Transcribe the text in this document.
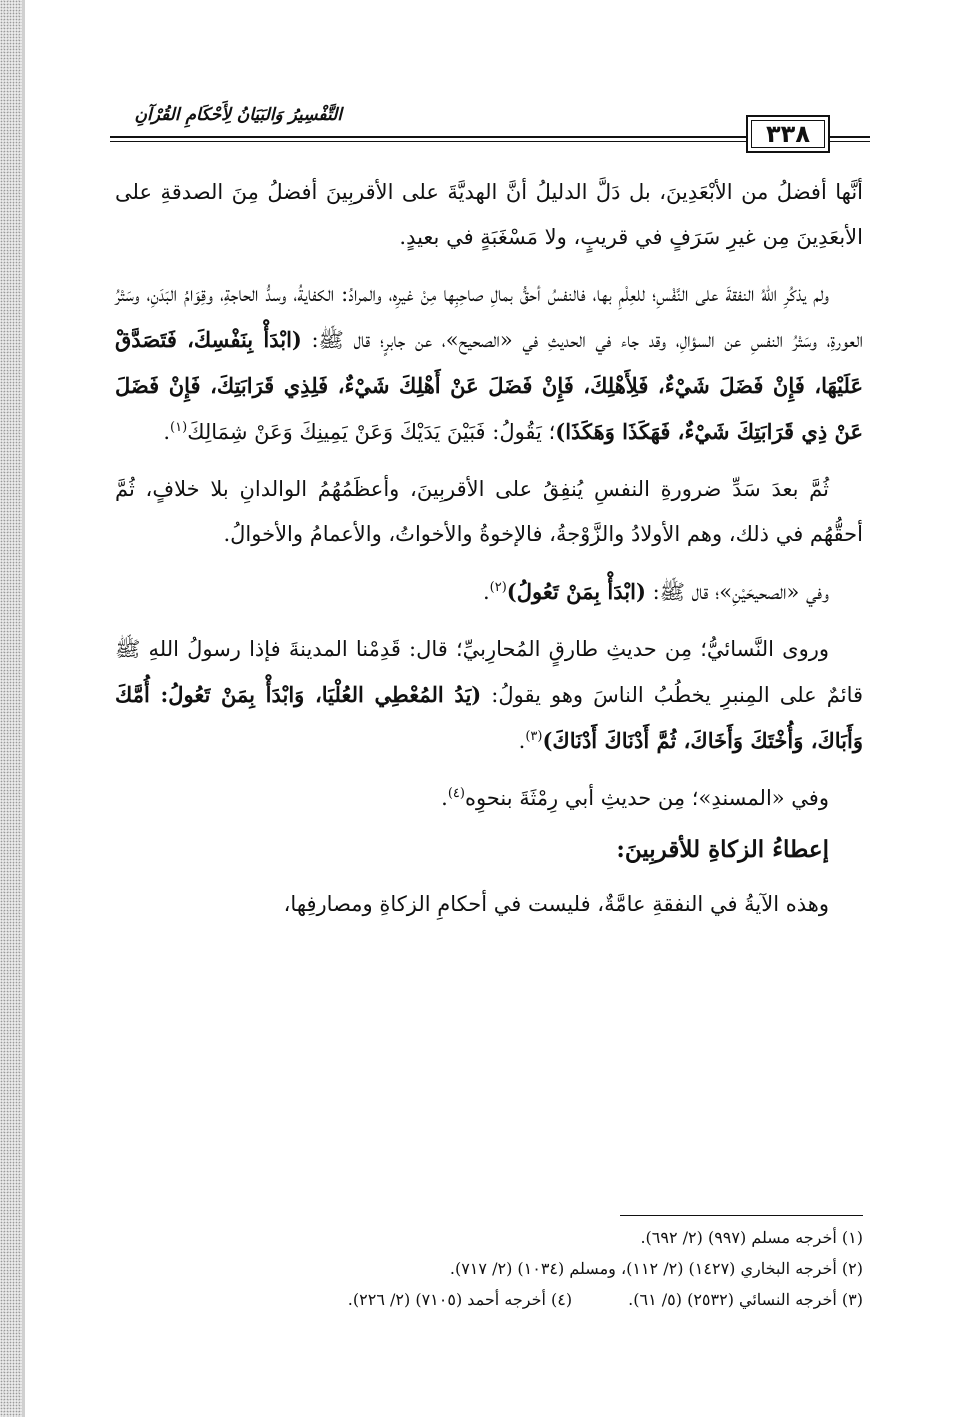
التَّفْسِيرُ وَالبَيَانُ لِأَحْكَامِ القُرْآنِ
٣٣٨

أنَّها أفضلُ من الأبْعَدِينَ، بل دَلَّ الدليلُ أنَّ الهديَّةَ على الأقربِينَ أفضلُ مِنَ الصدقةِ على الأبعَدِينَ مِن غيرِ سَرَفٍ في قريبٍ، ولا مَسْغَبَةٍ في بعيدٍ.

ولم يذكُرِ اللهُ النفقةَ على النَّفْسِ؛ للعِلْمِ بها، فالنفسُ أحقُّ بمالِ صاحِبِها مِنْ غيرِه، والمرادُ: الكفايةُ، وسدُّ الحاجةِ، وقِوَامُ البَدَنِ، وسَتْرُ العورةِ، وسَتْرُ النفسِ عن السؤالِ، وقد جاء في الحديثِ في «الصحيح»، عن جابرٍ؛ قال ﷺ: (ابْدَأْ بِنَفْسِكَ، فَتَصَدَّقْ عَلَيْهَا، فَإِنْ فَضَلَ شَيْءٌ، فَلِأَهْلِكَ، فَإِنْ فَضَلَ عَنْ أَهْلِكَ شَيْءٌ، فَلِذِي قَرَابَتِكَ، فَإِنْ فَضَلَ عَنْ ذِي قَرَابَتِكَ شَيْءٌ، فَهَكَذَا وَهَكَذَا)؛ يَقُولُ: فَبَيْنَ يَدَيْكَ وَعَنْ يَمِينِكَ وَعَنْ شِمَالِكَ$^{(١)}$.

ثُمَّ بعدَ سَدِّ ضرورةِ النفسِ يُنفِقُ على الأقربِينَ، وأعظَمُهُمُ الوالدانِ بلا خلافٍ، ثُمَّ أحقُّهُم في ذلك، وهم الأولادُ والزَّوْجةُ، فالإخوةُ والأخواتُ، والأعمامُ والأخوالُ.

وفي «الصحيحَيْنِ»؛ قال ﷺ: (ابْدَأْ بِمَنْ تَعُولُ)$^{(٢)}$.

وروى النَّسائيُّ؛ مِن حديثِ طارقٍ المُحارِبيِّ؛ قال: قَدِمْنا المدينةَ فإذا رسولُ اللهِ ﷺ قائمٌ على المِنبرِ يخطُبُ الناسَ وهو يقولُ: (يَدُ المُعْطِي العُلْيَا، وَابْدَأْ بِمَنْ تَعُولُ: أُمَّكَ وَأَبَاكَ، وَأُخْتَكَ وَأَخَاكَ، ثُمَّ أَدْنَاكَ أَدْنَاكَ)$^{(٣)}$.

وفي «المسندِ»؛ مِن حديثِ أبي رِمْثَةَ بنحوِه$^{(٤)}$.

إعطاءُ الزكاةِ للأقربِينَ:

وهذه الآيةُ في النفقةِ عامَّةٌ، فليست في أحكامِ الزكاةِ ومصارفِها،

(١) أخرجه مسلم (٩٩٧) (٢/ ٦٩٢).
(٢) أخرجه البخاري (١٤٢٧) (٢/ ١١٢)، ومسلم (١٠٣٤) (٢/ ٧١٧).
(٣) أخرجه النسائي (٢٥٣٢) (٥/ ٦١).
(٤) أخرجه أحمد (٧١٠٥) (٢/ ٢٢٦).
